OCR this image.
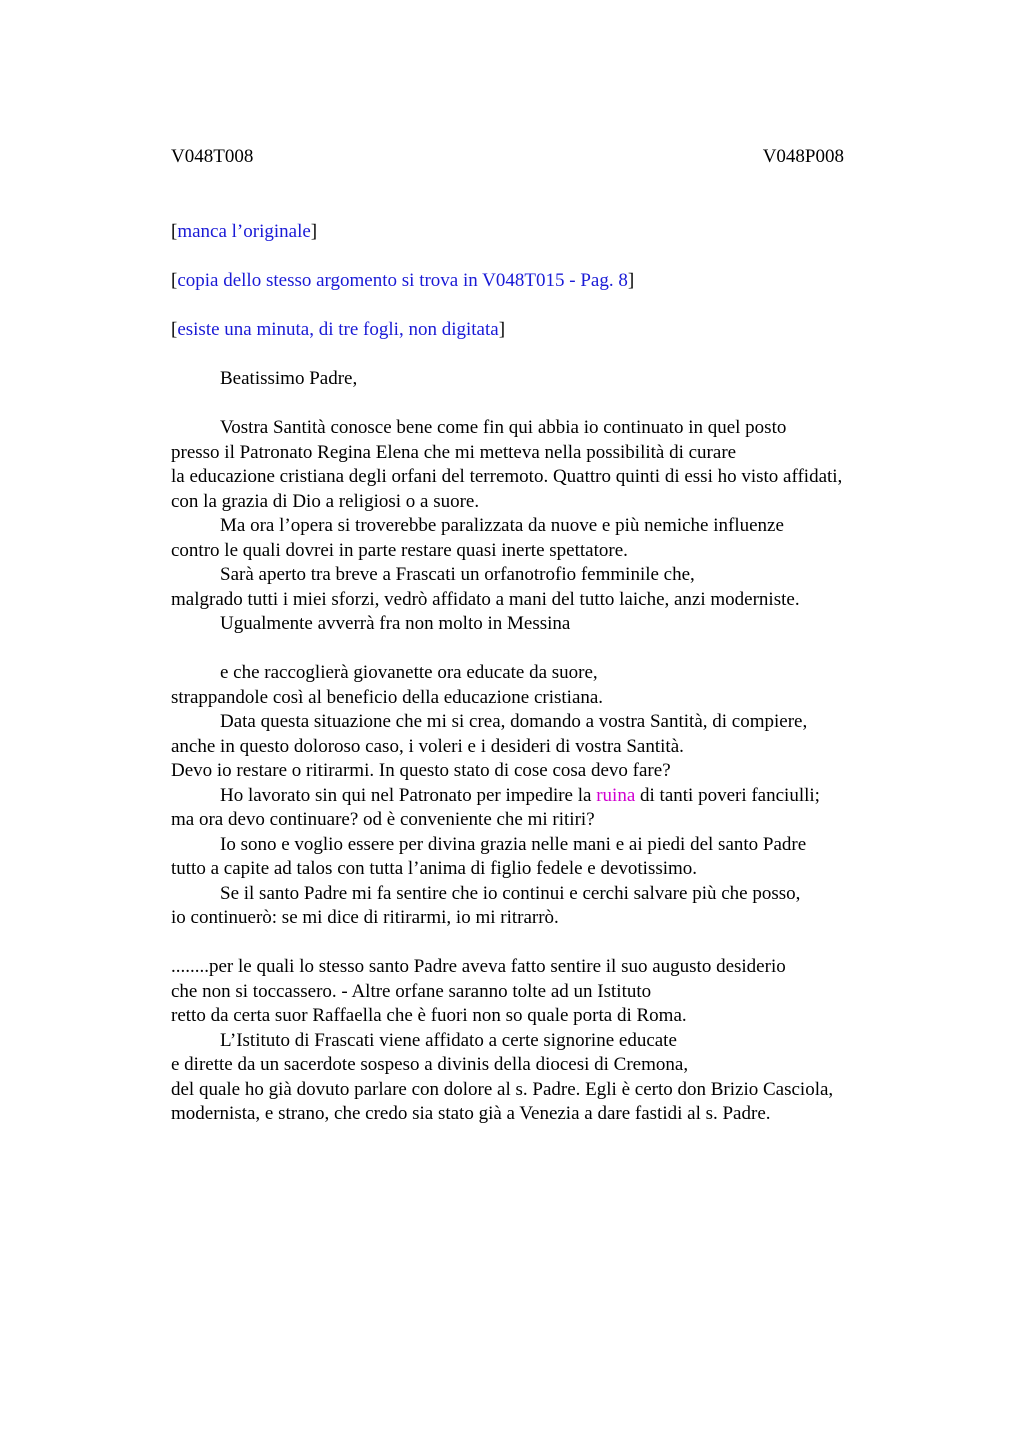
V048T008	V048P008
[manca l’originale]
[copia dello stesso argomento si trova in V048T015 - Pag. 8]
[esiste una minuta, di tre fogli, non digitata]
Beatissimo Padre,
Vostra Santità conosce bene come fin qui abbia io continuato in quel posto
presso il Patronato Regina Elena che mi metteva nella possibilità di curare
la educazione cristiana degli orfani del terremoto. Quattro quinti di essi ho visto affidati,
con la grazia di Dio a religiosi o a suore.
Ma ora l’opera si troverebbe paralizzata da nuove e più nemiche influenze
contro le quali dovrei in parte restare quasi inerte spettatore.
Sarà aperto tra breve a Frascati un orfanotrofio femminile che,
malgrado tutti i miei sforzi, vedrò affidato a mani del tutto laiche, anzi moderniste.
Ugualmente avverrà fra non molto in Messina
e che raccoglierà giovanette ora educate da suore,
strappandole così al beneficio della educazione cristiana.
Data questa situazione che mi si crea, domando a vostra Santità, di compiere,
anche in questo doloroso caso, i voleri e i desideri di vostra Santità.
Devo io restare o ritirarmi. In questo stato di cose cosa devo fare?
Ho lavorato sin qui nel Patronato per impedire la ruina di tanti poveri fanciulli;
ma ora devo continuare? od è conveniente che mi ritiri?
Io sono e voglio essere per divina grazia nelle mani e ai piedi del santo Padre
tutto a capite ad talos con tutta l’anima di figlio fedele e devotissimo.
Se il santo Padre mi fa sentire che io continui e cerchi salvare più che posso,
io continuerò: se mi dice di ritirarmi, io mi ritrarrò.
........per le quali lo stesso santo Padre aveva fatto sentire il suo augusto desiderio
che non si toccassero. - Altre orfane saranno tolte ad un Istituto
retto da certa suor Raffaella che è fuori non so quale porta di Roma.
L’Istituto di Frascati viene affidato a certe signorine educate
e dirette da un sacerdote sospeso a divinis della diocesi di Cremona,
del quale ho già dovuto parlare con dolore al s. Padre. Egli è certo don Brizio Casciola,
modernista, e strano, che credo sia stato già a Venezia a dare fastidi al s. Padre.
